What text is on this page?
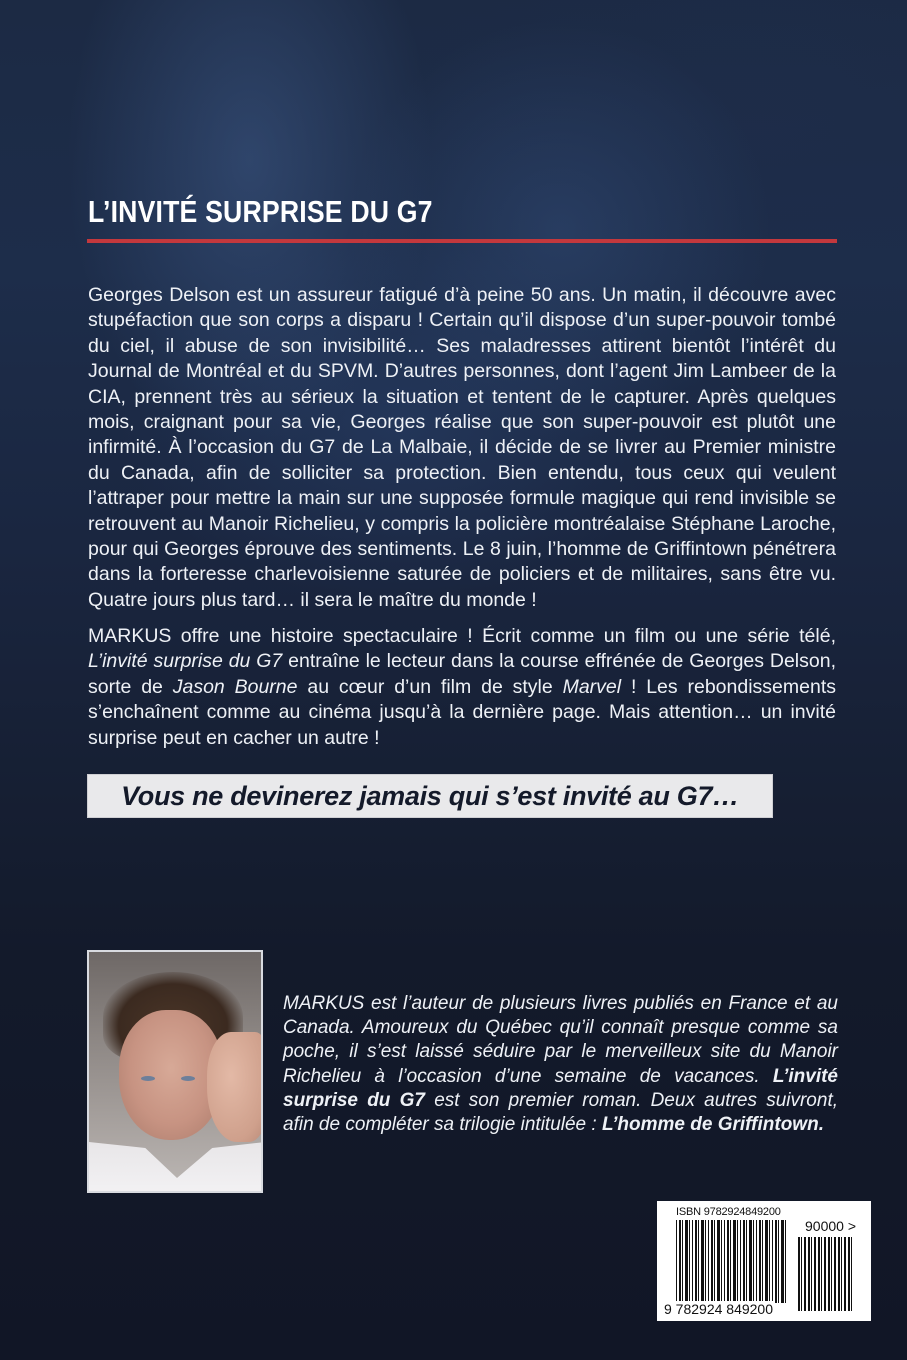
L’INVITÉ SURPRISE DU G7

Georges Delson est un assureur fatigué d’à peine 50 ans. Un matin, il découvre avec stupéfaction que son corps a disparu ! Certain qu’il dispose d’un super-pouvoir tombé du ciel, il abuse de son invisibilité… Ses maladresses attirent bientôt l’intérêt du Journal de Montréal et du SPVM. D’autres personnes, dont l’agent Jim Lambeer de la CIA, prennent très au sérieux la situation et tentent de le capturer. Après quelques mois, craignant pour sa vie, Georges réalise que son super-pouvoir est plutôt une infirmité. À l’occasion du G7 de La Malbaie, il décide de se livrer au Premier ministre du Canada, afin de solliciter sa protection. Bien entendu, tous ceux qui veulent l’attraper pour mettre la main sur une supposée formule magique qui rend invisible se retrouvent au Manoir Richelieu, y compris la policière montréalaise Stéphane Laroche, pour qui Georges éprouve des sentiments. Le 8 juin, l’homme de Griffintown pénétrera dans la forteresse charlevoisienne saturée de policiers et de militaires, sans être vu. Quatre jours plus tard… il sera le maître du monde !

MARKUS offre une histoire spectaculaire ! Écrit comme un film ou une série télé, L’invité surprise du G7 entraîne le lecteur dans la course effrénée de Georges Delson, sorte de Jason Bourne au cœur d’un film de style Marvel ! Les rebondissements s’enchaînent comme au cinéma jusqu’à la dernière page. Mais attention… un invité surprise peut en cacher un autre !

Vous ne devinerez jamais qui s’est invité au G7…

MARKUS est l’auteur de plusieurs livres publiés en France et au Canada. Amoureux du Québec qu’il connaît presque comme sa poche, il s’est laissé séduire par le merveilleux site du Manoir Richelieu à l’occasion d’une semaine de vacances. L’invité surprise du G7 est son premier roman. Deux autres suivront, afin de compléter sa trilogie intitulée : L’homme de Griffintown.

ISBN 9782924849200
90000 >
9 782924 849200
